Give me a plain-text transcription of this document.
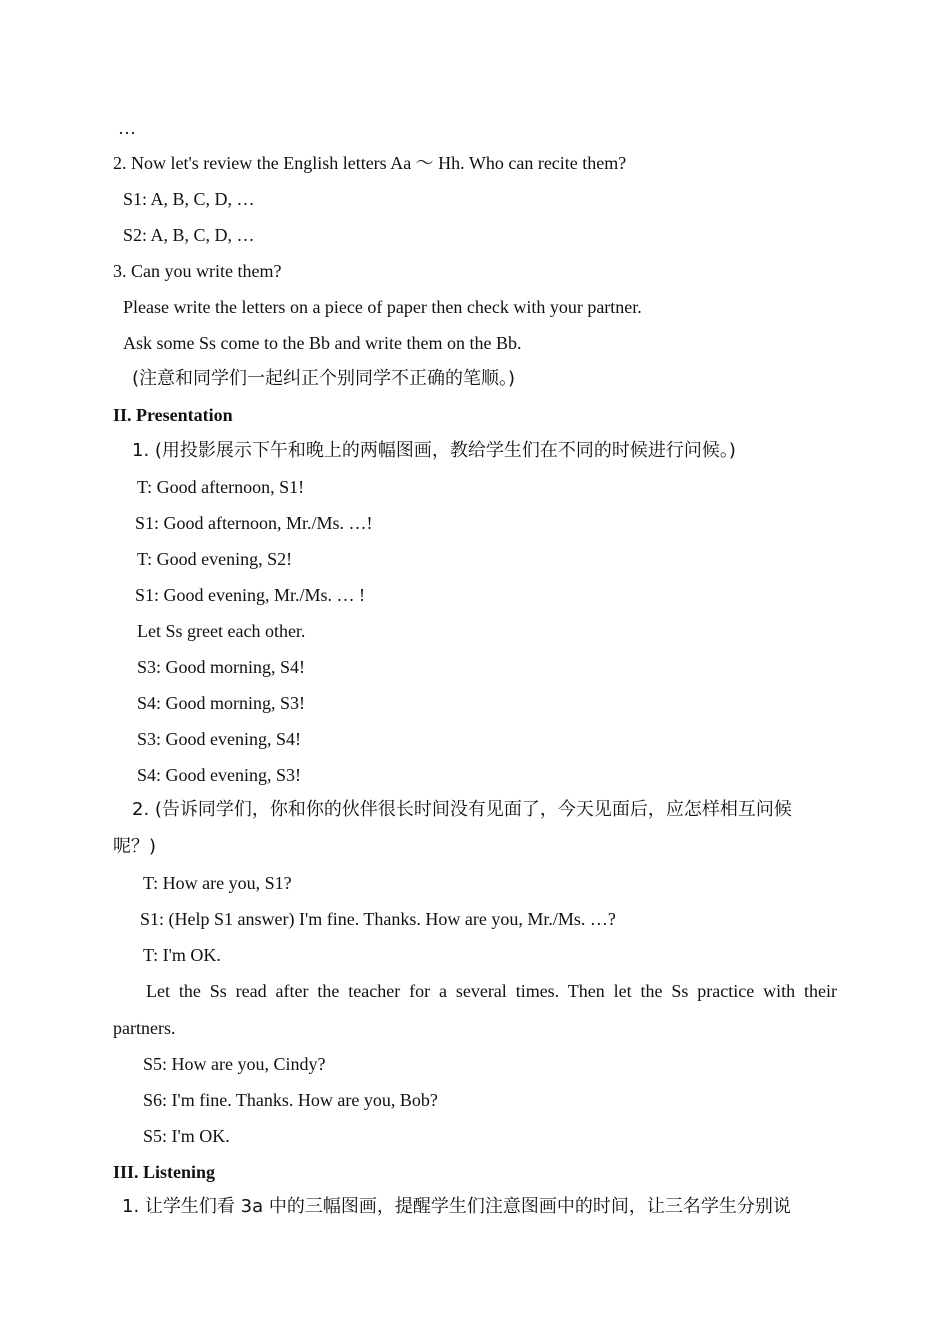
…
2. Now let's review the English letters Aa ～ Hh. Who can recite them?
S1: A, B, C, D, …
S2: A, B, C, D, …
3. Can you write them?
Please write the letters on a piece of paper then check with your partner.
Ask some Ss come to the Bb and write them on the Bb.
(注意和同学们一起纠正个别同学不正确的笔顺。)
II. Presentation
1. (用投影展示下午和晚上的两幅图画，教给学生们在不同的时候进行问候。)
T: Good afternoon, S1!
S1: Good afternoon, Mr./Ms. …!
T: Good evening, S2!
S1: Good evening, Mr./Ms. … !
Let Ss greet each other.
S3: Good morning, S4!
S4: Good morning, S3!
S3: Good evening, S4!
S4: Good evening, S3!
2. (告诉同学们，你和你的伙伴很长时间没有见面了，今天见面后，应怎样相互问候
呢？)
T: How are you, S1?
S1: (Help S1 answer) I'm fine. Thanks. How are you, Mr./Ms. …?
T: I'm OK.
Let the Ss read after the teacher for a several times. Then let the Ss practice with their
partners.
S5: How are you, Cindy?
S6: I'm fine. Thanks. How are you, Bob?
S5: I'm OK.
III. Listening
1. 让学生们看 3a 中的三幅图画，提醒学生们注意图画中的时间，让三名学生分别说
